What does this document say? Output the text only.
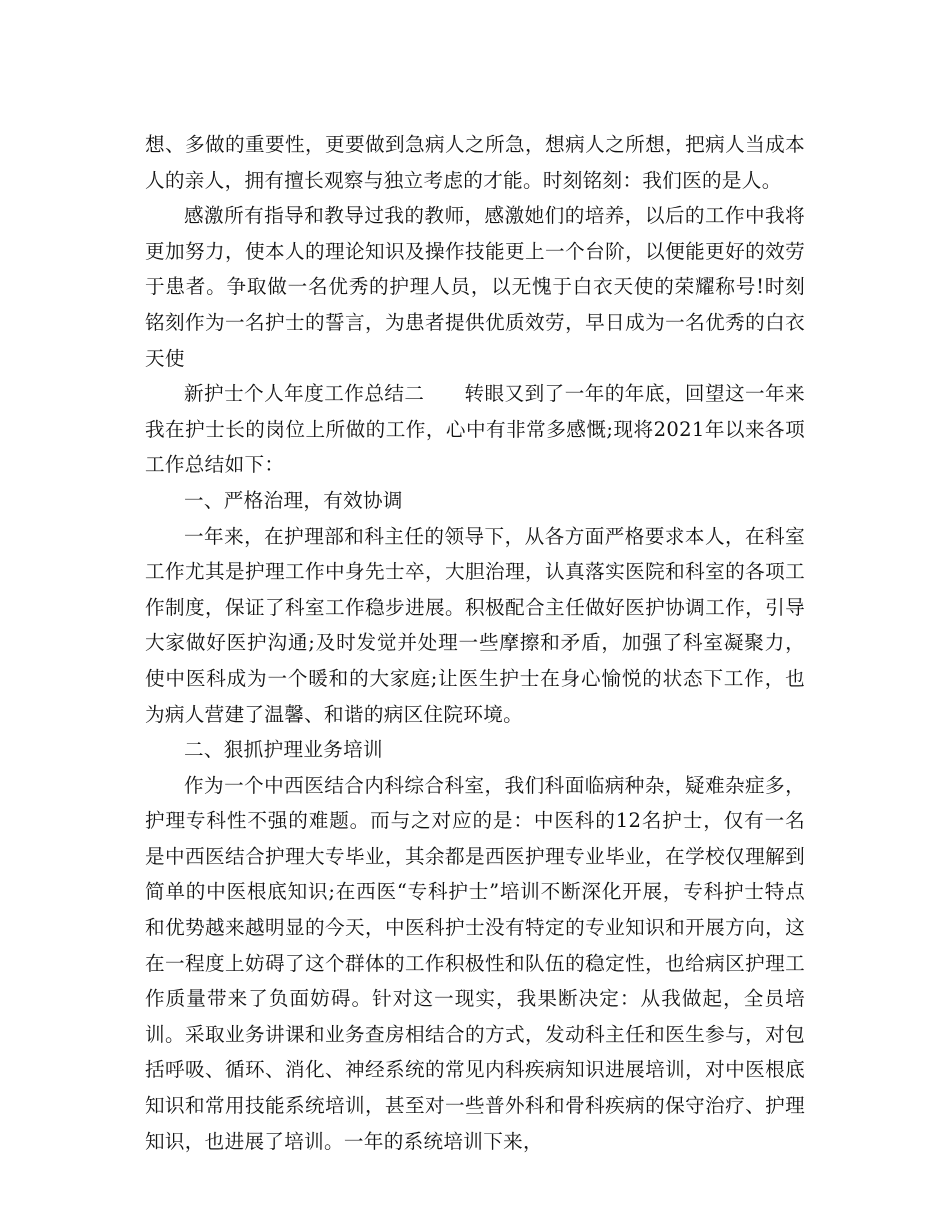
想、多做的重要性，更要做到急病人之所急，想病人之所想，把病人当成本人的亲人，拥有擅长观察与独立考虑的才能。时刻铭刻：我们医的是人。

感激所有指导和教导过我的教师，感激她们的培养，以后的工作中我将更加努力，使本人的理论知识及操作技能更上一个台阶，以便能更好的效劳于患者。争取做一名优秀的护理人员，以无愧于白衣天使的荣耀称号!时刻铭刻作为一名护士的誓言，为患者提供优质效劳，早日成为一名优秀的白衣天使

新护士个人年度工作总结二　　转眼又到了一年的年底，回望这一年来我在护士长的岗位上所做的工作，心中有非常多感慨;现将2021年以来各项工作总结如下：

一、严格治理，有效协调

一年来，在护理部和科主任的领导下，从各方面严格要求本人，在科室工作尤其是护理工作中身先士卒，大胆治理，认真落实医院和科室的各项工作制度，保证了科室工作稳步进展。积极配合主任做好医护协调工作，引导大家做好医护沟通;及时发觉并处理一些摩擦和矛盾，加强了科室凝聚力，使中医科成为一个暖和的大家庭;让医生护士在身心愉悦的状态下工作，也为病人营建了温馨、和谐的病区住院环境。

二、狠抓护理业务培训

作为一个中西医结合内科综合科室，我们科面临病种杂，疑难杂症多，护理专科性不强的难题。而与之对应的是：中医科的12名护士，仅有一名是中西医结合护理大专毕业，其余都是西医护理专业毕业，在学校仅理解到简单的中医根底知识;在西医“专科护士”培训不断深化开展，专科护士特点和优势越来越明显的今天，中医科护士没有特定的专业知识和开展方向，这在一程度上妨碍了这个群体的工作积极性和队伍的稳定性，也给病区护理工作质量带来了负面妨碍。针对这一现实，我果断决定：从我做起，全员培训。采取业务讲课和业务查房相结合的方式，发动科主任和医生参与，对包括呼吸、循环、消化、神经系统的常见内科疾病知识进展培训，对中医根底知识和常用技能系统培训，甚至对一些普外科和骨科疾病的保守治疗、护理知识，也进展了培训。一年的系统培训下来，
